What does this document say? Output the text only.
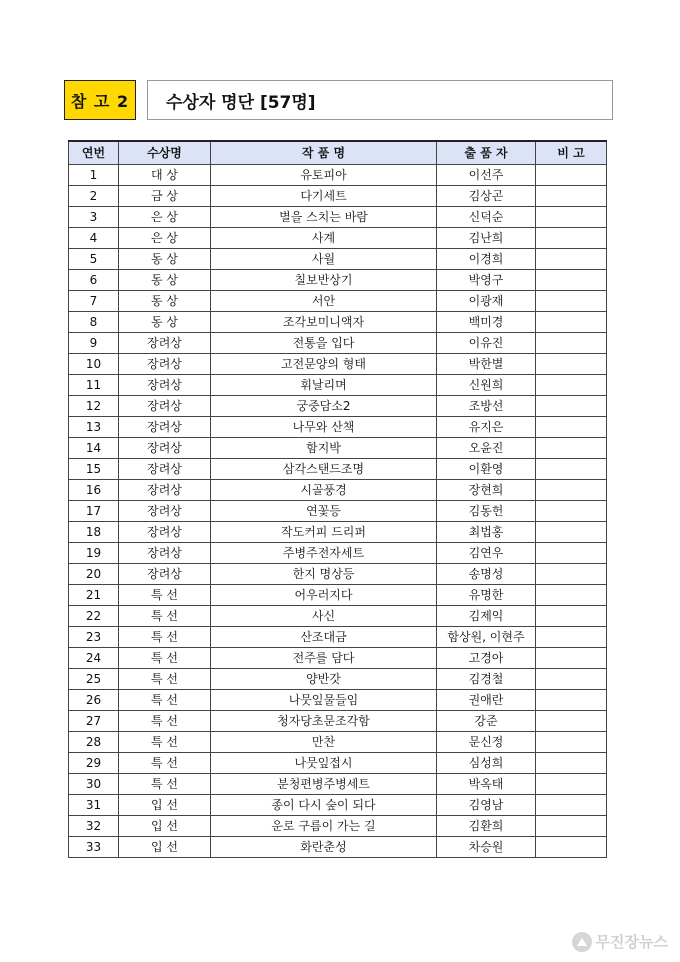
참 고 2	수상자 명단 [57명]
연번	수상명	작 품 명	출 품 자	비 고
1	대 상	유토피아	이선주	
2	금 상	다기세트	김상곤	
3	은 상	별을 스치는 바람	신덕순	
4	은 상	사계	김난희	
5	동 상	사월	이경희	
6	동 상	칠보반상기	박영구	
7	동 상	서안	이광재	
8	동 상	조각보미니액자	백미경	
9	장려상	전통을 입다	이유진	
10	장려상	고전문양의 형태	박한별	
11	장려상	휘날리며	신원희	
12	장려상	궁중담소2	조방선	
13	장려상	나무와 산책	유지은	
14	장려상	함지박	오윤진	
15	장려상	삼각스탠드조명	이환영	
16	장려상	시골풍경	장현희	
17	장려상	연꽃등	김동헌	
18	장려상	작도커피 드리퍼	최법홍	
19	장려상	주병주전자세트	김연우	
20	장려상	한지 명상등	송명성	
21	특 선	어우러지다	유명한	
22	특 선	사신	김제익	
23	특 선	산조대금	함상원, 이현주	
24	특 선	전주를 담다	고경아	
25	특 선	양반갓	김경철	
26	특 선	나뭇잎물들임	권애란	
27	특 선	청자당초문조각함	강준	
28	특 선	만찬	문신정	
29	특 선	나뭇잎접시	심성희	
30	특 선	분청편병주병세트	박옥태	
31	입 선	종이 다시 숲이 되다	김영남	
32	입 선	운로 구름이 가는 길	김환희	
33	입 선	화란춘성	차승원	
무진장뉴스
